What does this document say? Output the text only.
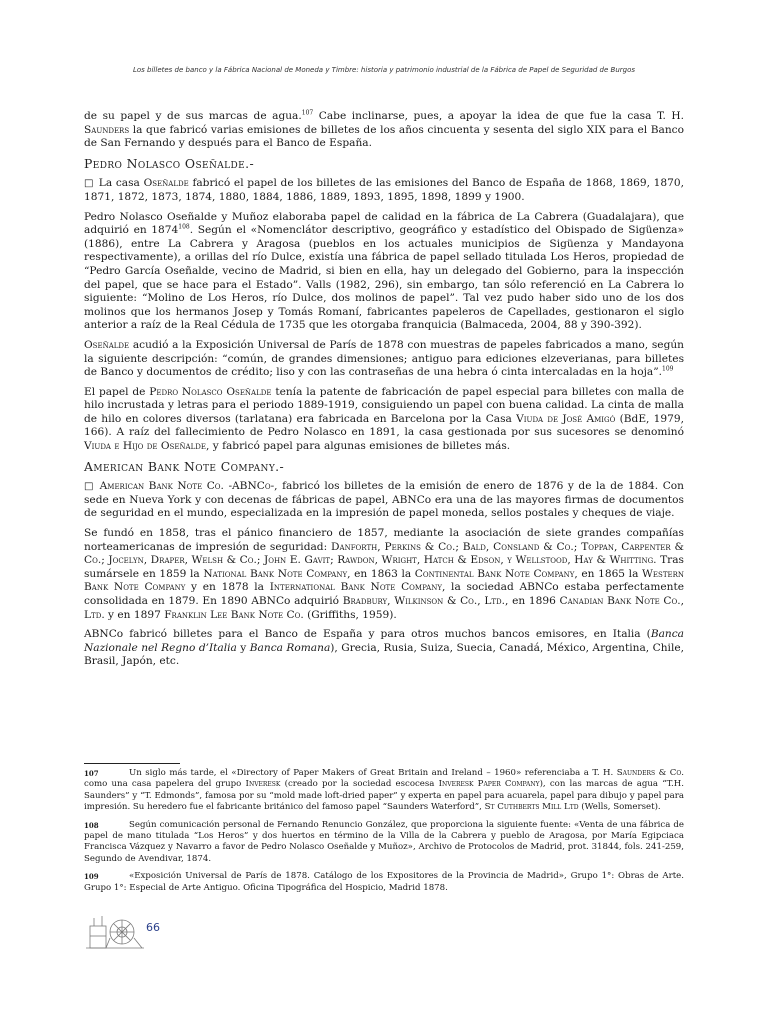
Los billetes de banco y la Fábrica Nacional de Moneda y Timbre: historia y patrimonio industrial de la Fábrica de Papel de Seguridad de Burgos

de su papel y de sus marcas de agua.$^{107}$ Cabe inclinarse, pues, a apoyar la idea de que fue la casa T. H. Saunders la que fabricó varias emisiones de billetes de los años cincuenta y sesenta del siglo XIX para el Banco de San Fernando y después para el Banco de España.

Pedro Nolasco Oseñalde.-

□ La casa Oseñalde fabricó el papel de los billetes de las emisiones del Banco de España de 1868, 1869, 1870, 1871, 1872, 1873, 1874, 1880, 1884, 1886, 1889, 1893, 1895, 1898, 1899 y 1900.

Pedro Nolasco Oseñalde y Muñoz elaboraba papel de calidad en la fábrica de La Cabrera (Guadalajara), que adquirió en 1874$^{108}$. Según el «Nomenclátor descriptivo, geográfico y estadístico del Obispado de Sigüenza» (1886), entre La Cabrera y Aragosa (pueblos en los actuales municipios de Sigüenza y Mandayona respectivamente), a orillas del río Dulce, existía una fábrica de papel sellado titulada Los Heros, propiedad de “Pedro García Oseñalde, vecino de Madrid, si bien en ella, hay un delegado del Gobierno, para la inspección del papel, que se hace para el Estado”. Valls (1982, 296), sin embargo, tan sólo referenció en La Cabrera lo siguiente: “Molino de Los Heros, río Dulce, dos molinos de papel”. Tal vez pudo haber sido uno de los dos molinos que los hermanos Josep y Tomás Romaní, fabricantes papeleros de Capellades, gestionaron el siglo anterior a raíz de la Real Cédula de 1735 que les otorgaba franquicia (Balmaceda, 2004, 88 y 390-392).

Oseñalde acudió a la Exposición Universal de París de 1878 con muestras de papeles fabricados a mano, según la siguiente descripción: “común, de grandes dimensiones; antiguo para ediciones elzeverianas, para billetes de Banco y documentos de crédito; liso y con las contraseñas de una hebra ó cinta intercaladas en la hoja”.$^{109}$

El papel de Pedro Nolasco Oseñalde tenía la patente de fabricación de papel especial para billetes con malla de hilo incrustada y letras para el periodo 1889-1919, consiguiendo un papel con buena calidad. La cinta de malla de hilo en colores diversos (tarlatana) era fabricada en Barcelona por la Casa Viuda de José Amigó (BdE, 1979, 166). A raíz del fallecimiento de Pedro Nolasco en 1891, la casa gestionada por sus sucesores se denominó Viuda e Hijo de Oseñalde, y fabricó papel para algunas emisiones de billetes más.

American Bank Note Company.-

□ American Bank Note Co. -ABNCo-, fabricó los billetes de la emisión de enero de 1876 y de la de 1884. Con sede en Nueva York y con decenas de fábricas de papel, ABNCo era una de las mayores firmas de documentos de seguridad en el mundo, especializada en la impresión de papel moneda, sellos postales y cheques de viaje.

Se fundó en 1858, tras el pánico financiero de 1857, mediante la asociación de siete grandes compañías norteamericanas de impresión de seguridad: Danforth, Perkins & Co.; Bald, Consland & Co.; Toppan, Carpenter & Co.; Jocelyn, Draper, Welsh & Co.; John E. Gavit; Rawdon, Wright, Hatch & Edson, y Wellstood, Hay & Whitting. Tras sumársele en 1859 la National Bank Note Company, en 1863 la Continental Bank Note Company, en 1865 la Western Bank Note Company y en 1878 la International Bank Note Company, la sociedad ABNCo estaba perfectamente consolidada en 1879. En 1890 ABNCo adquirió Bradbury, Wilkinson & Co., Ltd., en 1896 Canadian Bank Note Co., Ltd. y en 1897 Franklin Lee Bank Note Co. (Griffiths, 1959).

ABNCo fabricó billetes para el Banco de España y para otros muchos bancos emisores, en Italia (Banca Nazionale nel Regno d’Italia y Banca Romana), Grecia, Rusia, Suiza, Suecia, Canadá, México, Argentina, Chile, Brasil, Japón, etc.

107	Un siglo más tarde, el «Directory of Paper Makers of Great Britain and Ireland – 1960» referenciaba a T. H. Saunders & Co. como una casa papelera del grupo Inveresk (creado por la sociedad escocesa Inveresk Paper Company), con las marcas de agua “T.H. Saunders” y “T. Edmonds”, famosa por su “mold made loft-dried paper” y experta en papel para acuarela, papel para dibujo y papel para impresión. Su heredero fue el fabricante británico del famoso papel “Saunders Waterford”, St Cuthberts Mill Ltd (Wells, Somerset).
108	Según comunicación personal de Fernando Renuncio González, que proporciona la siguiente fuente: «Venta de una fábrica de papel de mano titulada “Los Heros” y dos huertos en término de la Villa de la Cabrera y pueblo de Aragosa, por María Egipciaca Francisca Vázquez y Navarro a favor de Pedro Nolasco Oseñalde y Muñoz», Archivo de Protocolos de Madrid, prot. 31844, fols. 241-259, Segundo de Avendivar, 1874.
109	«Exposición Universal de París de 1878. Catálogo de los Expositores de la Provincia de Madrid», Grupo 1°: Obras de Arte. Grupo 1°: Especial de Arte Antiguo. Oficina Tipográfica del Hospicio, Madrid 1878.
66
